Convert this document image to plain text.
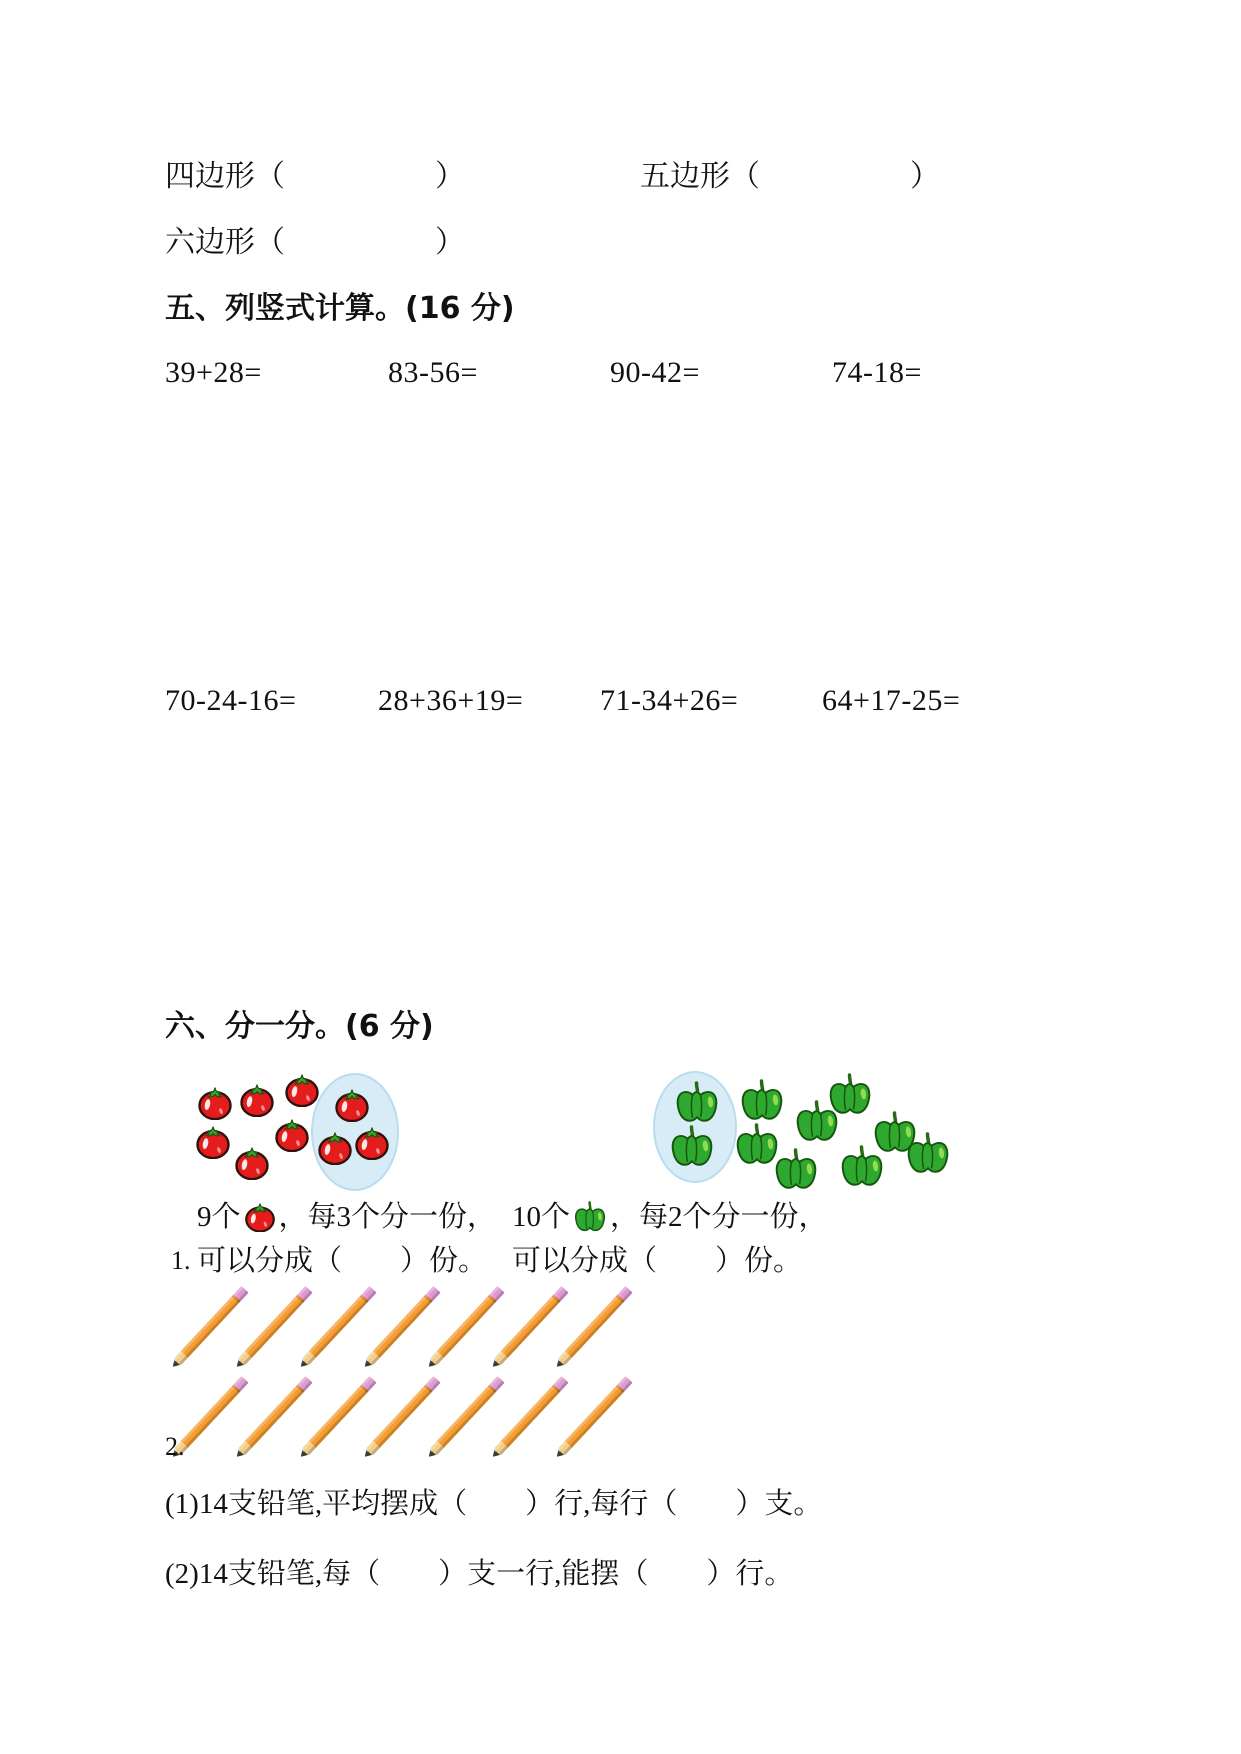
四边形（　　　　　）	五边形（　　　　　）
六边形（　　　　　）
五、列竖式计算。(16 分)
39+28=	83-56=	90-42=	74-18=
70-24-16=	28+36+19=	71-34+26=	64+17-25=
六、分一分。(6 分)
1.
9个 ，每3个分一份，
可以分成（　　）份。
10个 ，每2个分一份，
可以分成（　　）份。
2.
(1)14支铅笔,平均摆成（　　）行,每行（　　）支。
(2)14支铅笔,每（　　）支一行,能摆（　　）行。
